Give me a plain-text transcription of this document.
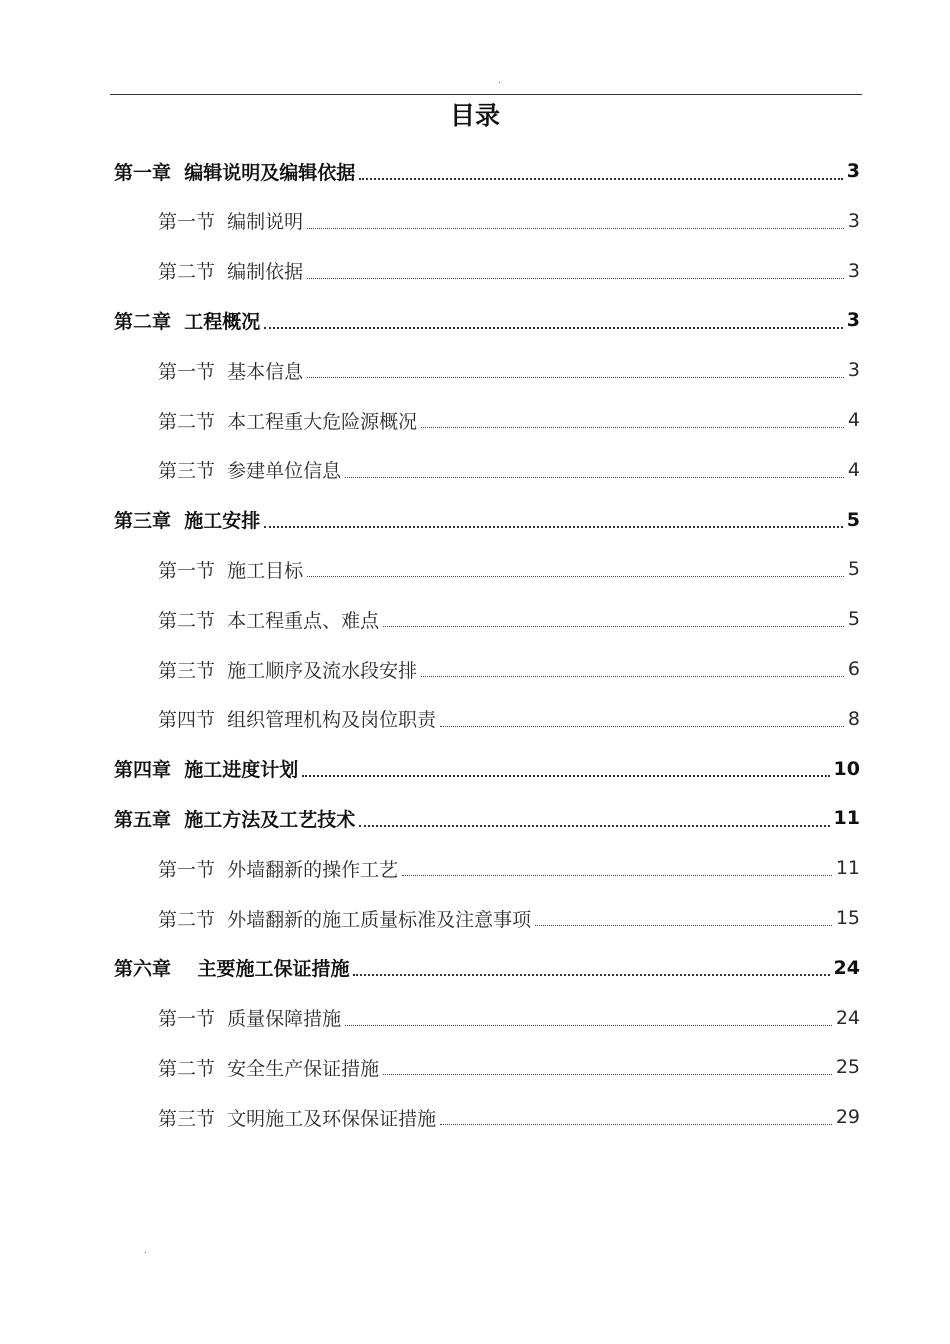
.
目录
第一章  编辑说明及编辑依据	3
第一节  编制说明	3
第二节  编制依据	3
第二章  工程概况	3
第一节  基本信息	3
第二节  本工程重大危险源概况	4
第三节  参建单位信息	4
第三章  施工安排	5
第一节  施工目标	5
第二节  本工程重点、难点	5
第三节  施工顺序及流水段安排	6
第四节  组织管理机构及岗位职责	8
第四章  施工进度计划	10
第五章  施工方法及工艺技术	11
第一节  外墙翻新的操作工艺	11
第二节  外墙翻新的施工质量标准及注意事项	15
第六章    主要施工保证措施	24
第一节  质量保障措施	24
第二节  安全生产保证措施	25
第三节  文明施工及环保保证措施	29
.
